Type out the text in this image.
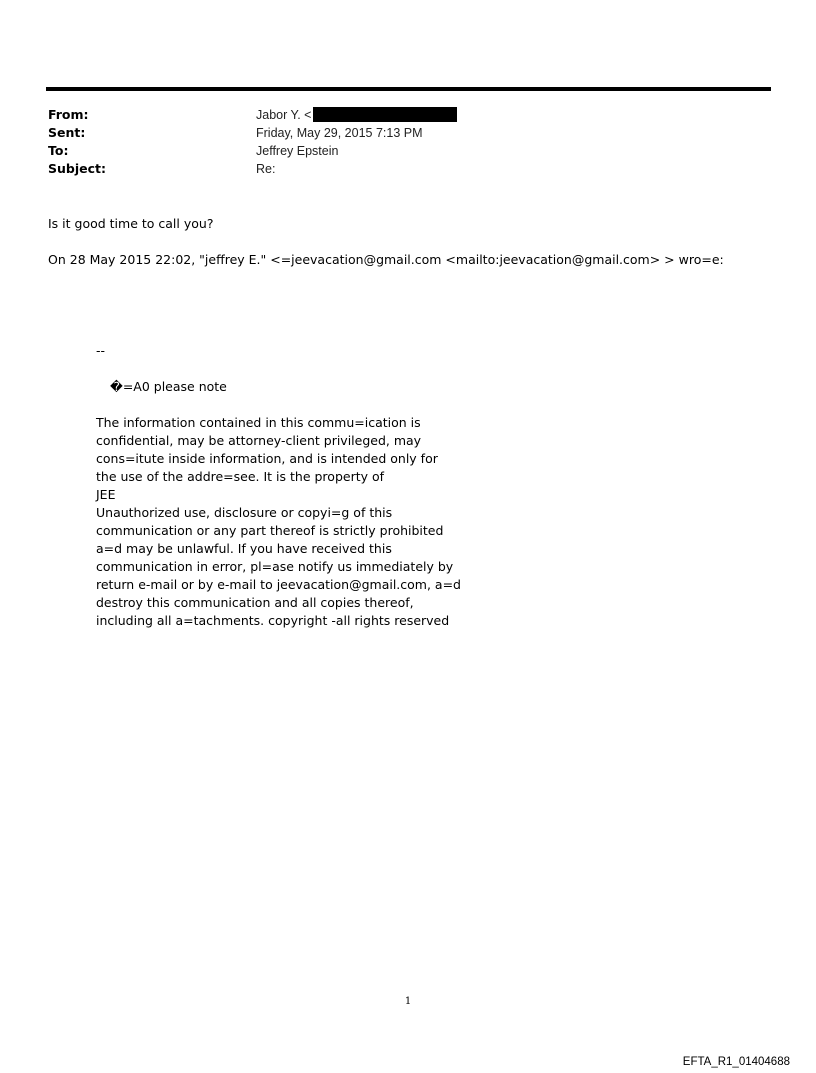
From:	Jabor Y. <
Sent:	Friday, May 29, 2015 7:13 PM
To:	Jeffrey Epstein
Subject:	Re:
Is it good time to call you?
On 28 May 2015 22:02, "jeffrey E." <=jeevacation@gmail.com <mailto:jeevacation@gmail.com> > wro=e:
--
�=A0 please note
The information contained in this commu=ication is
confidential, may be attorney-client privileged, may
cons=itute inside information, and is intended only for
the use of the addre=see. It is the property of
JEE
Unauthorized use, disclosure or copyi=g of this
communication or any part thereof is strictly prohibited
a=d may be unlawful. If you have received this
communication in error, pl=ase notify us immediately by
return e-mail or by e-mail to jeevacation@gmail.com, a=d
destroy this communication and all copies thereof,
including all a=tachments. copyright -all rights reserved
1
EFTA_R1_01404688
